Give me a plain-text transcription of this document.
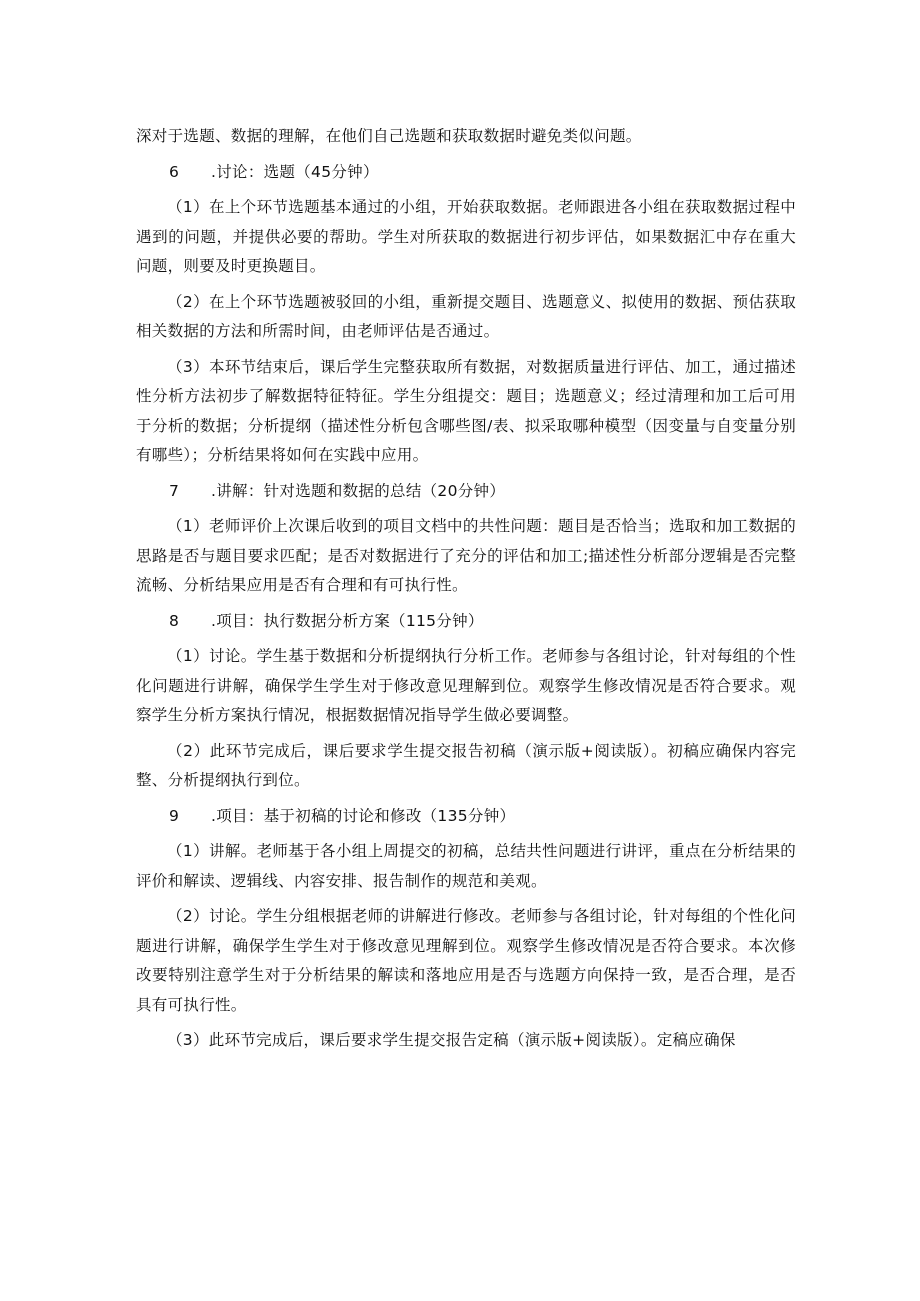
深对于选题、数据的理解，在他们自己选题和获取数据时避免类似问题。

6	.讨论：选题（45分钟）

（1）在上个环节选题基本通过的小组，开始获取数据。老师跟进各小组在获取数据过程中遇到的问题，并提供必要的帮助。学生对所获取的数据进行初步评估，如果数据汇中存在重大问题，则要及时更换题目。

（2）在上个环节选题被驳回的小组，重新提交题目、选题意义、拟使用的数据、预估获取相关数据的方法和所需时间，由老师评估是否通过。

（3）本环节结束后，课后学生完整获取所有数据，对数据质量进行评估、加工，通过描述性分析方法初步了解数据特征特征。学生分组提交：题目；选题意义；经过清理和加工后可用于分析的数据；分析提纲（描述性分析包含哪些图/表、拟采取哪种模型（因变量与自变量分别有哪些）；分析结果将如何在实践中应用。

7	.讲解：针对选题和数据的总结（20分钟）

（1）老师评价上次课后收到的项目文档中的共性问题：题目是否恰当；选取和加工数据的思路是否与题目要求匹配；是否对数据进行了充分的评估和加工;描述性分析部分逻辑是否完整流畅、分析结果应用是否有合理和有可执行性。

8	.项目：执行数据分析方案（115分钟）

（1）讨论。学生基于数据和分析提纲执行分析工作。老师参与各组讨论，针对每组的个性化问题进行讲解，确保学生学生对于修改意见理解到位。观察学生修改情况是否符合要求。观察学生分析方案执行情况，根据数据情况指导学生做必要调整。

（2）此环节完成后，课后要求学生提交报告初稿（演示版+阅读版）。初稿应确保内容完整、分析提纲执行到位。

9	.项目：基于初稿的讨论和修改（135分钟）

（1）讲解。老师基于各小组上周提交的初稿，总结共性问题进行讲评，重点在分析结果的评价和解读、逻辑线、内容安排、报告制作的规范和美观。

（2）讨论。学生分组根据老师的讲解进行修改。老师参与各组讨论，针对每组的个性化问题进行讲解，确保学生学生对于修改意见理解到位。观察学生修改情况是否符合要求。本次修改要特别注意学生对于分析结果的解读和落地应用是否与选题方向保持一致，是否合理，是否具有可执行性。

（3）此环节完成后，课后要求学生提交报告定稿（演示版+阅读版）。定稿应确保
